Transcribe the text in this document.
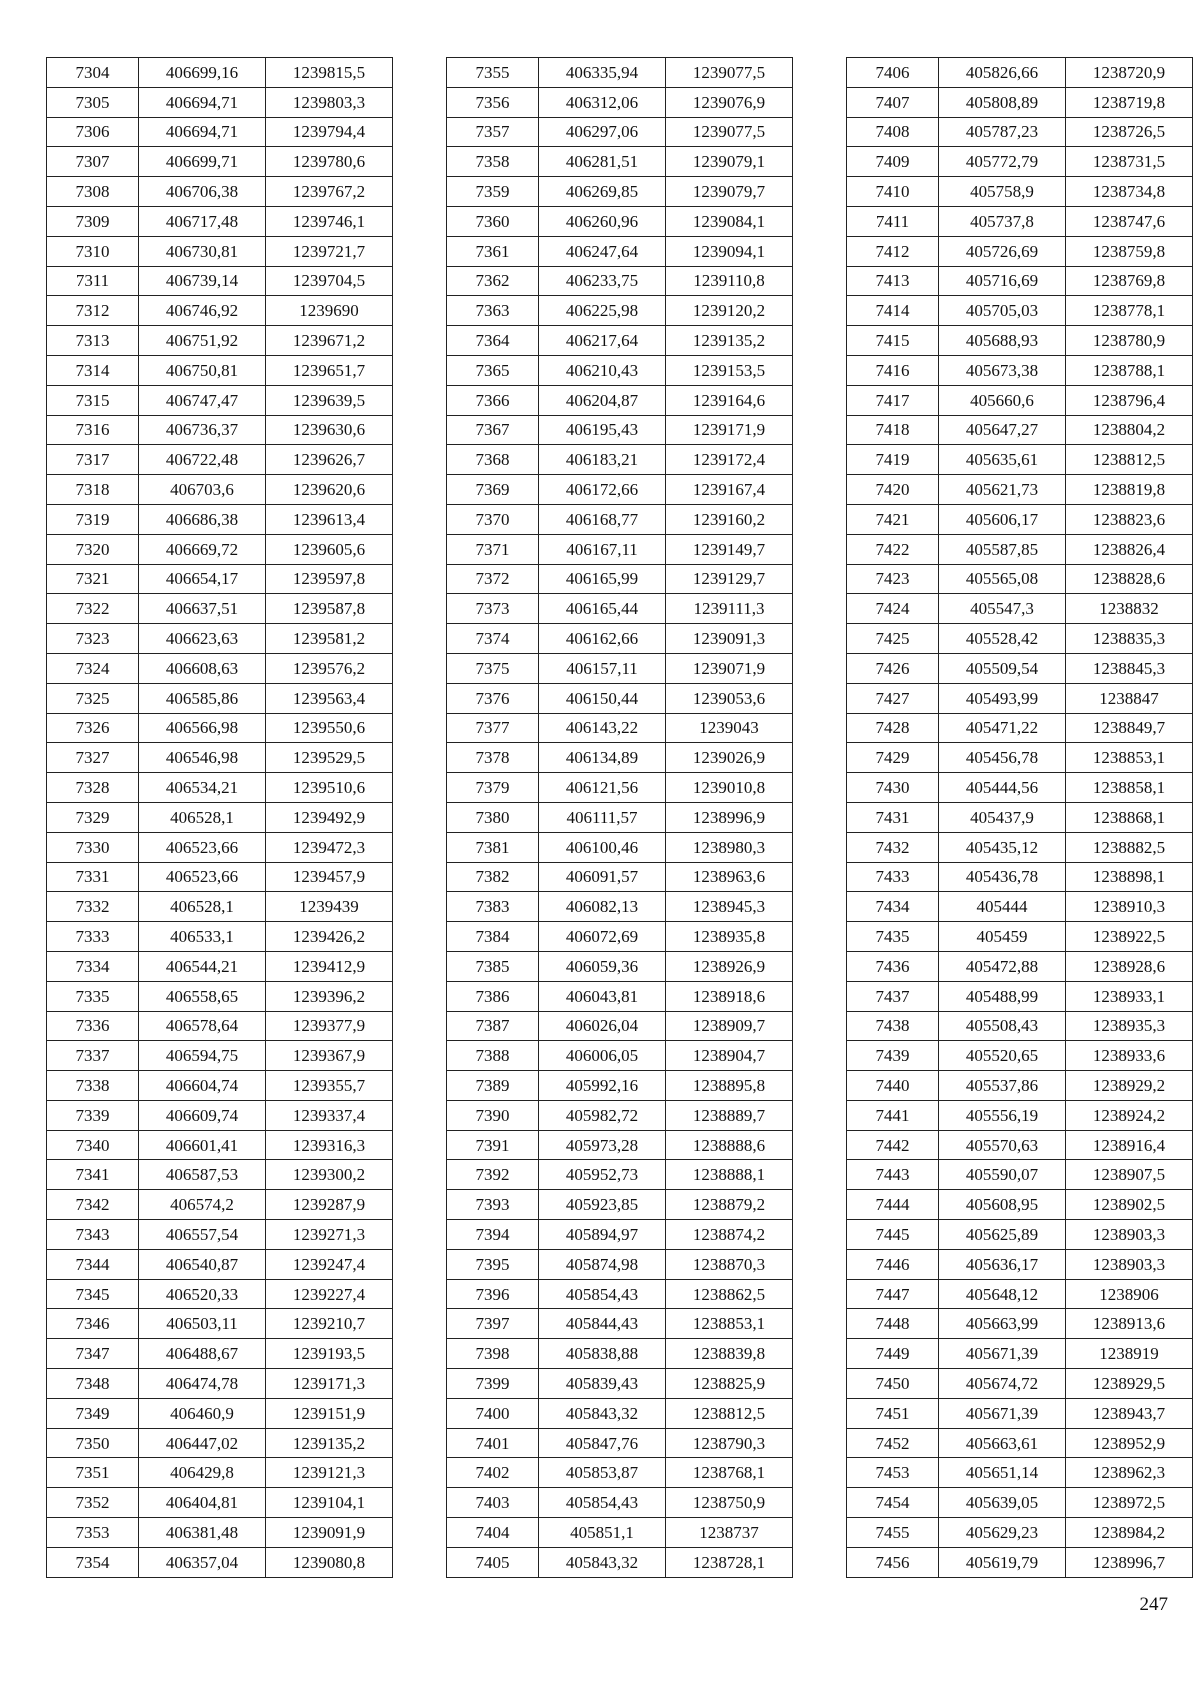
7304	406699,16	1239815,5
7305	406694,71	1239803,3
7306	406694,71	1239794,4
7307	406699,71	1239780,6
7308	406706,38	1239767,2
7309	406717,48	1239746,1
7310	406730,81	1239721,7
7311	406739,14	1239704,5
7312	406746,92	1239690
7313	406751,92	1239671,2
7314	406750,81	1239651,7
7315	406747,47	1239639,5
7316	406736,37	1239630,6
7317	406722,48	1239626,7
7318	406703,6	1239620,6
7319	406686,38	1239613,4
7320	406669,72	1239605,6
7321	406654,17	1239597,8
7322	406637,51	1239587,8
7323	406623,63	1239581,2
7324	406608,63	1239576,2
7325	406585,86	1239563,4
7326	406566,98	1239550,6
7327	406546,98	1239529,5
7328	406534,21	1239510,6
7329	406528,1	1239492,9
7330	406523,66	1239472,3
7331	406523,66	1239457,9
7332	406528,1	1239439
7333	406533,1	1239426,2
7334	406544,21	1239412,9
7335	406558,65	1239396,2
7336	406578,64	1239377,9
7337	406594,75	1239367,9
7338	406604,74	1239355,7
7339	406609,74	1239337,4
7340	406601,41	1239316,3
7341	406587,53	1239300,2
7342	406574,2	1239287,9
7343	406557,54	1239271,3
7344	406540,87	1239247,4
7345	406520,33	1239227,4
7346	406503,11	1239210,7
7347	406488,67	1239193,5
7348	406474,78	1239171,3
7349	406460,9	1239151,9
7350	406447,02	1239135,2
7351	406429,8	1239121,3
7352	406404,81	1239104,1
7353	406381,48	1239091,9
7354	406357,04	1239080,8
7355	406335,94	1239077,5
7356	406312,06	1239076,9
7357	406297,06	1239077,5
7358	406281,51	1239079,1
7359	406269,85	1239079,7
7360	406260,96	1239084,1
7361	406247,64	1239094,1
7362	406233,75	1239110,8
7363	406225,98	1239120,2
7364	406217,64	1239135,2
7365	406210,43	1239153,5
7366	406204,87	1239164,6
7367	406195,43	1239171,9
7368	406183,21	1239172,4
7369	406172,66	1239167,4
7370	406168,77	1239160,2
7371	406167,11	1239149,7
7372	406165,99	1239129,7
7373	406165,44	1239111,3
7374	406162,66	1239091,3
7375	406157,11	1239071,9
7376	406150,44	1239053,6
7377	406143,22	1239043
7378	406134,89	1239026,9
7379	406121,56	1239010,8
7380	406111,57	1238996,9
7381	406100,46	1238980,3
7382	406091,57	1238963,6
7383	406082,13	1238945,3
7384	406072,69	1238935,8
7385	406059,36	1238926,9
7386	406043,81	1238918,6
7387	406026,04	1238909,7
7388	406006,05	1238904,7
7389	405992,16	1238895,8
7390	405982,72	1238889,7
7391	405973,28	1238888,6
7392	405952,73	1238888,1
7393	405923,85	1238879,2
7394	405894,97	1238874,2
7395	405874,98	1238870,3
7396	405854,43	1238862,5
7397	405844,43	1238853,1
7398	405838,88	1238839,8
7399	405839,43	1238825,9
7400	405843,32	1238812,5
7401	405847,76	1238790,3
7402	405853,87	1238768,1
7403	405854,43	1238750,9
7404	405851,1	1238737
7405	405843,32	1238728,1
7406	405826,66	1238720,9
7407	405808,89	1238719,8
7408	405787,23	1238726,5
7409	405772,79	1238731,5
7410	405758,9	1238734,8
7411	405737,8	1238747,6
7412	405726,69	1238759,8
7413	405716,69	1238769,8
7414	405705,03	1238778,1
7415	405688,93	1238780,9
7416	405673,38	1238788,1
7417	405660,6	1238796,4
7418	405647,27	1238804,2
7419	405635,61	1238812,5
7420	405621,73	1238819,8
7421	405606,17	1238823,6
7422	405587,85	1238826,4
7423	405565,08	1238828,6
7424	405547,3	1238832
7425	405528,42	1238835,3
7426	405509,54	1238845,3
7427	405493,99	1238847
7428	405471,22	1238849,7
7429	405456,78	1238853,1
7430	405444,56	1238858,1
7431	405437,9	1238868,1
7432	405435,12	1238882,5
7433	405436,78	1238898,1
7434	405444	1238910,3
7435	405459	1238922,5
7436	405472,88	1238928,6
7437	405488,99	1238933,1
7438	405508,43	1238935,3
7439	405520,65	1238933,6
7440	405537,86	1238929,2
7441	405556,19	1238924,2
7442	405570,63	1238916,4
7443	405590,07	1238907,5
7444	405608,95	1238902,5
7445	405625,89	1238903,3
7446	405636,17	1238903,3
7447	405648,12	1238906
7448	405663,99	1238913,6
7449	405671,39	1238919
7450	405674,72	1238929,5
7451	405671,39	1238943,7
7452	405663,61	1238952,9
7453	405651,14	1238962,3
7454	405639,05	1238972,5
7455	405629,23	1238984,2
7456	405619,79	1238996,7
247
